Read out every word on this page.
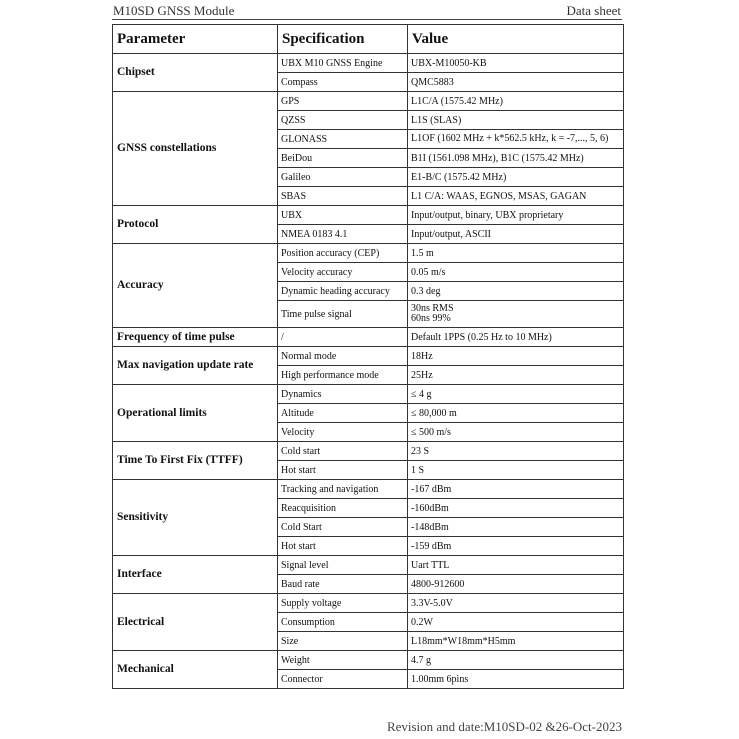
M10SD GNSS Module	Data sheet
Parameter	Specification	Value
Chipset	UBX M10 GNSS Engine	UBX-M10050-KB
	Compass	QMC5883
GNSS constellations	GPS	L1C/A (1575.42 MHz)
	QZSS	L1S (SLAS)
	GLONASS	L1OF (1602 MHz + k*562.5 kHz, k = -7,..., 5, 6)
	BeiDou	B1I (1561.098 MHz), B1C (1575.42 MHz)
	Galileo	E1-B/C (1575.42 MHz)
	SBAS	L1 C/A: WAAS, EGNOS, MSAS, GAGAN
Protocol	UBX	Input/output, binary, UBX proprietary
	NMEA 0183 4.1	Input/output, ASCII
Accuracy	Position accuracy (CEP)	1.5 m
	Velocity accuracy	0.05 m/s
	Dynamic heading accuracy	0.3 deg
	Time pulse signal	30ns RMS
60ns 99%
Frequency of time pulse	/	Default 1PPS (0.25 Hz to 10 MHz)
Max navigation update rate	Normal mode	18Hz
	High performance mode	25Hz
Operational limits	Dynamics	≤ 4 g
	Altitude	≤ 80,000 m
	Velocity	≤ 500 m/s
Time To First Fix (TTFF)	Cold start	23 S
	Hot start	1 S
Sensitivity	Tracking and navigation	-167 dBm
	Reacquisition	-160dBm
	Cold Start	-148dBm
	Hot start	-159 dBm
Interface	Signal level	Uart TTL
	Baud rate	4800-912600
Electrical	Supply voltage	3.3V-5.0V
	Consumption	0.2W
	Size	L18mm*W18mm*H5mm
Mechanical	Weight	4.7 g
	Connector	1.00mm 6pins
Revision and date:M10SD-02 &26-Oct-2023
